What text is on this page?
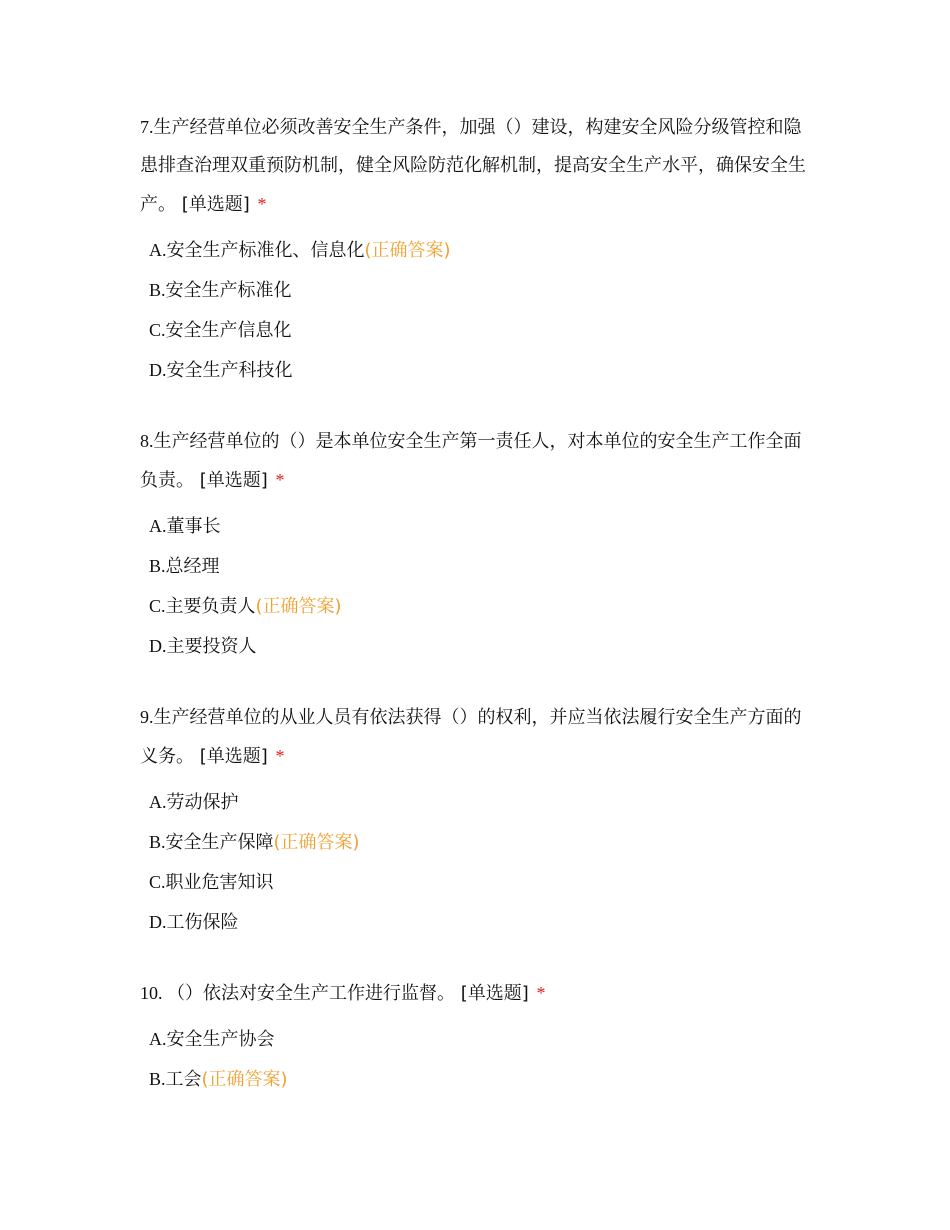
7.生产经营单位必须改善安全生产条件，加强（）建设，构建安全风险分级管控和隐患排查治理双重预防机制，健全风险防范化解机制，提高安全生产水平，确保安全生产。 [单选题] *

A.安全生产标准化、信息化(正确答案)
B.安全生产标准化
C.安全生产信息化
D.安全生产科技化

8.生产经营单位的（）是本单位安全生产第一责任人，对本单位的安全生产工作全面负责。 [单选题] *

A.董事长
B.总经理
C.主要负责人(正确答案)
D.主要投资人

9.生产经营单位的从业人员有依法获得（）的权利，并应当依法履行安全生产方面的义务。 [单选题] *

A.劳动保护
B.安全生产保障(正确答案)
C.职业危害知识
D.工伤保险

10. （）依法对安全生产工作进行监督。 [单选题] *

A.安全生产协会
B.工会(正确答案)
